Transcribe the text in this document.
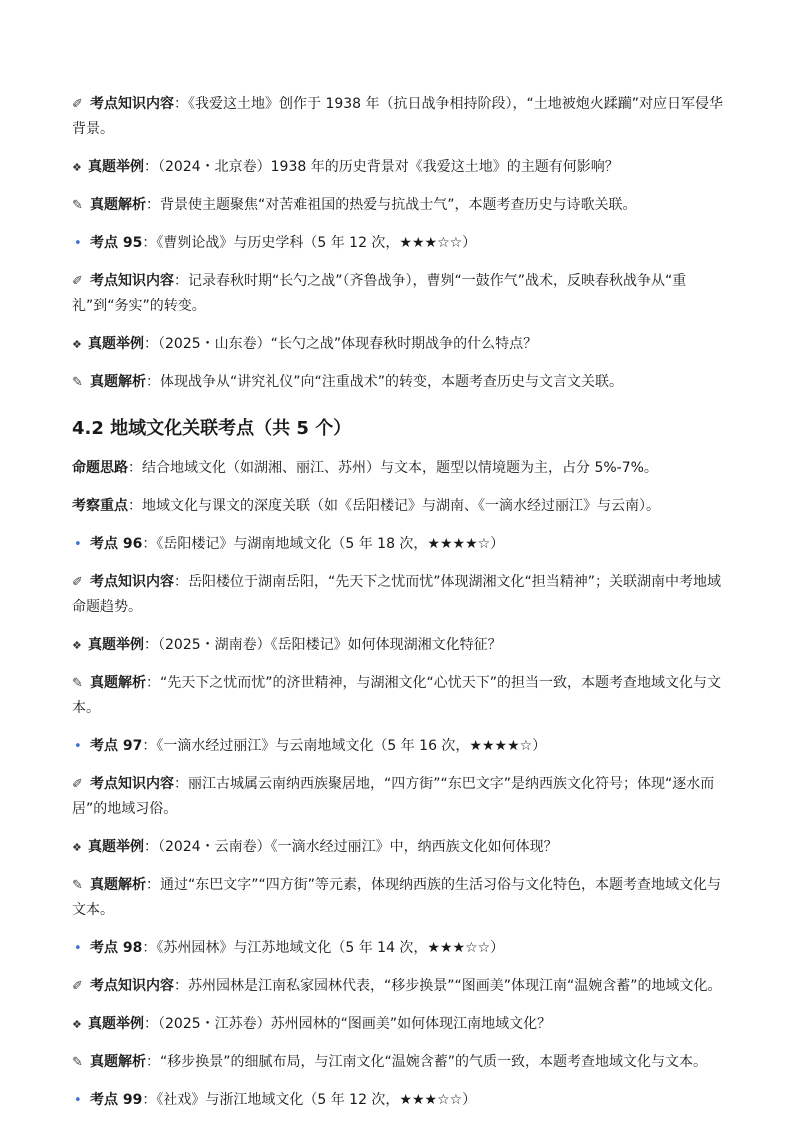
✐ 考点知识内容：《我爱这土地》创作于 1938 年（抗日战争相持阶段），“土地被炮火蹂躏”对应日军侵华背景。

❖ 真题举例：（2024・北京卷）1938 年的历史背景对《我爱这土地》的主题有何影响？

✎ 真题解析：背景使主题聚焦“对苦难祖国的热爱与抗战士气”，本题考查历史与诗歌关联。

• 考点 95：《曹刿论战》与历史学科（5 年 12 次，★★★☆☆）

✐ 考点知识内容：记录春秋时期“长勺之战”（齐鲁战争），曹刿“一鼓作气”战术，反映春秋战争从“重礼”到“务实”的转变。

❖ 真题举例：（2025・山东卷）“长勺之战”体现春秋时期战争的什么特点？

✎ 真题解析：体现战争从“讲究礼仪”向“注重战术”的转变，本题考查历史与文言文关联。

4.2 地域文化关联考点（共 5 个）

命题思路：结合地域文化（如湖湘、丽江、苏州）与文本，题型以情境题为主，占分 5%-7%。

考察重点：地域文化与课文的深度关联（如《岳阳楼记》与湖南、《一滴水经过丽江》与云南）。

• 考点 96：《岳阳楼记》与湖南地域文化（5 年 18 次，★★★★☆）

✐ 考点知识内容：岳阳楼位于湖南岳阳，“先天下之忧而忧”体现湖湘文化“担当精神”；关联湖南中考地域命题趋势。

❖ 真题举例：（2025・湖南卷）《岳阳楼记》如何体现湖湘文化特征？

✎ 真题解析：“先天下之忧而忧”的济世精神，与湖湘文化“心忧天下”的担当一致，本题考查地域文化与文本。

• 考点 97：《一滴水经过丽江》与云南地域文化（5 年 16 次，★★★★☆）

✐ 考点知识内容：丽江古城属云南纳西族聚居地，“四方街”“东巴文字”是纳西族文化符号；体现“逐水而居”的地域习俗。

❖ 真题举例：（2024・云南卷）《一滴水经过丽江》中，纳西族文化如何体现？

✎ 真题解析：通过“东巴文字”“四方街”等元素，体现纳西族的生活习俗与文化特色，本题考查地域文化与文本。

• 考点 98：《苏州园林》与江苏地域文化（5 年 14 次，★★★☆☆）

✐ 考点知识内容：苏州园林是江南私家园林代表，“移步换景”“图画美”体现江南“温婉含蓄”的地域文化。

❖ 真题举例：（2025・江苏卷）苏州园林的“图画美”如何体现江南地域文化？

✎ 真题解析：“移步换景”的细腻布局，与江南文化“温婉含蓄”的气质一致，本题考查地域文化与文本。

• 考点 99：《社戏》与浙江地域文化（5 年 12 次，★★★☆☆）
